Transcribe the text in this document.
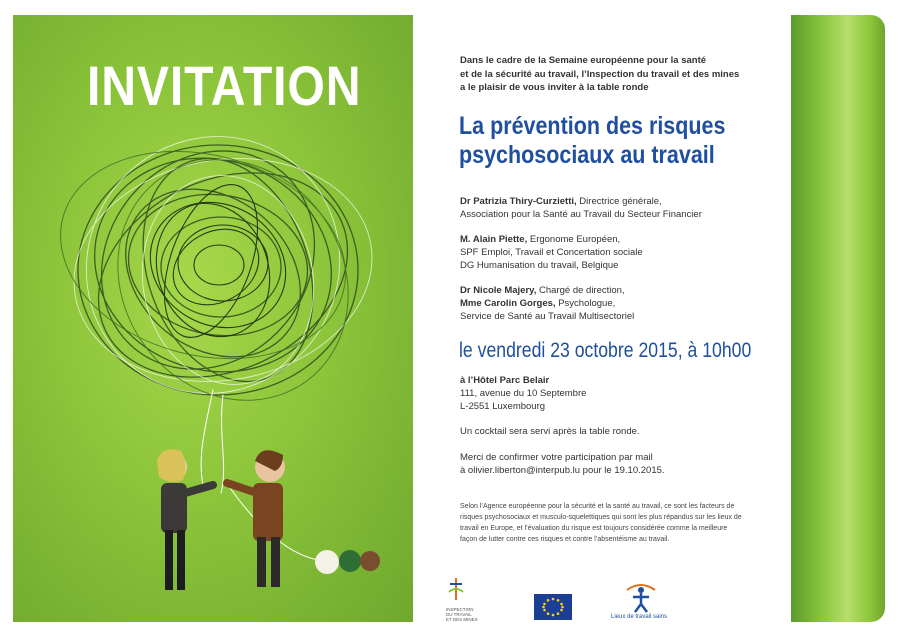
INVITATION	Dans le cadre de la Semaine européenne pour la santé
et de la sécurité au travail, l’Inspection du travail et des mines
a le plaisir de vous inviter à la table ronde
La prévention des risques
psychosociaux au travail
Dr Patrizia Thiry-Curzietti, Directrice générale,
Association pour la Santé au Travail du Secteur Financier
M. Alain Piette, Ergonome Européen,
SPF Emploi, Travail et Concertation sociale
DG Humanisation du travail, Belgique
Dr Nicole Majery, Chargé de direction,
Mme Carolin Gorges, Psychologue,
Service de Santé au Travail Multisectoriel
le vendredi 23 octobre 2015, à 10h00
à l’Hôtel Parc Belair
111, avenue du 10 Septembre
L-2551 Luxembourg
Un cocktail sera servi après la table ronde.
Merci de confirmer votre participation par mail
à olivier.liberton@interpub.lu pour le 19.10.2015.
Selon l’Agence européenne pour la sécurité et la santé au travail, ce sont les facteurs de risques psychosociaux et musculo-squelettiques qui sont les plus répandus sur les lieux de travail en Europe, et l’évaluation du risque est toujours considérée comme la meilleure façon de lutter contre ces risques et contre l’absentéisme au travail.
INSPECTION
DU TRAVAIL
ET DES MINES	Lieux de travail sains
